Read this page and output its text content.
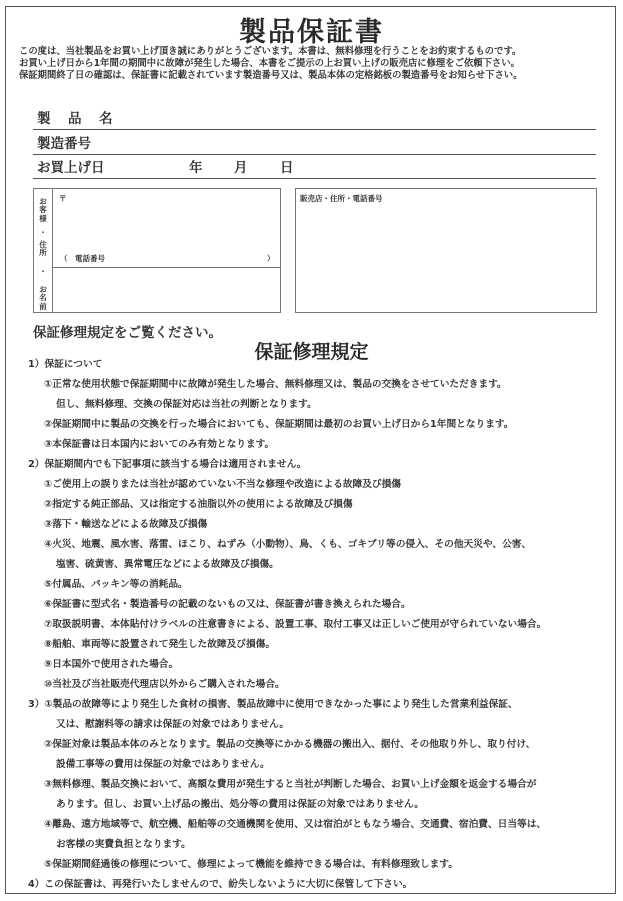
製品保証書
この度は、当社製品をお買い上げ頂き誠にありがとうございます。本書は、無料修理を行うことをお約束するものです。
お買い上げ日から1年間の期間中に故障が発生した場合、本書をご提示の上お買い上げの販売店に修理をご依頼下さい。
保証期間終了日の確認は、保証書に記載されています製造番号又は、製品本体の定格銘板の製造番号をお知らせ下さい。
製　品　名
製造番号
お買上げ日	年 月 日
お
客
様
・
住
所
・
お
名
前
〒
（　電話番号	）
販売店・住所・電話番号
保証修理規定をご覧ください。
保証修理規定
1）保証について
①正常な使用状態で保証期間中に故障が発生した場合、無料修理又は、製品の交換をさせていただきます。
但し、無料修理、交換の保証対応は当社の判断となります。
②保証期間中に製品の交換を行った場合においても、保証期間は最初のお買い上げ日から1年間となります。
③本保証書は日本国内においてのみ有効となります。
2）保証期間内でも下記事項に該当する場合は適用されません。
①ご使用上の誤りまたは当社が認めていない不当な修理や改造による故障及び損傷
②指定する純正部品、又は指定する油脂以外の使用による故障及び損傷
③落下・輸送などによる故障及び損傷
④火災、地震、風水害、落雷、ほこり、ねずみ（小動物）、鳥、くも、ゴキブリ等の侵入、その他天災や、公害、
塩害、硫黄害、異常電圧などによる故障及び損傷。
⑤付属品、パッキン等の消耗品。
⑥保証書に型式名・製造番号の記載のないもの又は、保証書が書き換えられた場合。
⑦取扱説明書、本体貼付けラベルの注意書きによる、設置工事、取付工事又は正しいご使用が守られていない場合。
⑧船舶、車両等に設置されて発生した故障及び損傷。
⑨日本国外で使用された場合。
⑩当社及び当社販売代理店以外からご購入された場合。
3）①製品の故障等により発生した食材の損害、製品故障中に使用できなかった事により発生した営業利益保証、
又は、慰謝料等の請求は保証の対象ではありません。
②保証対象は製品本体のみとなります。製品の交換等にかかる機器の搬出入、据付、その他取り外し、取り付け、
設備工事等の費用は保証の対象ではありません。
③無料修理、製品交換において、高額な費用が発生すると当社が判断した場合、お買い上げ金額を返金する場合が
あります。但し、お買い上げ品の搬出、処分等の費用は保証の対象ではありません。
④離島、遠方地域等で、航空機、船舶等の交通機関を使用、又は宿泊がともなう場合、交通費、宿泊費、日当等は、
お客様の実費負担となります。
⑤保証期間経過後の修理について、修理によって機能を維持できる場合は、有料修理致します。
4）この保証書は、再発行いたしませんので、紛失しないように大切に保管して下さい。
